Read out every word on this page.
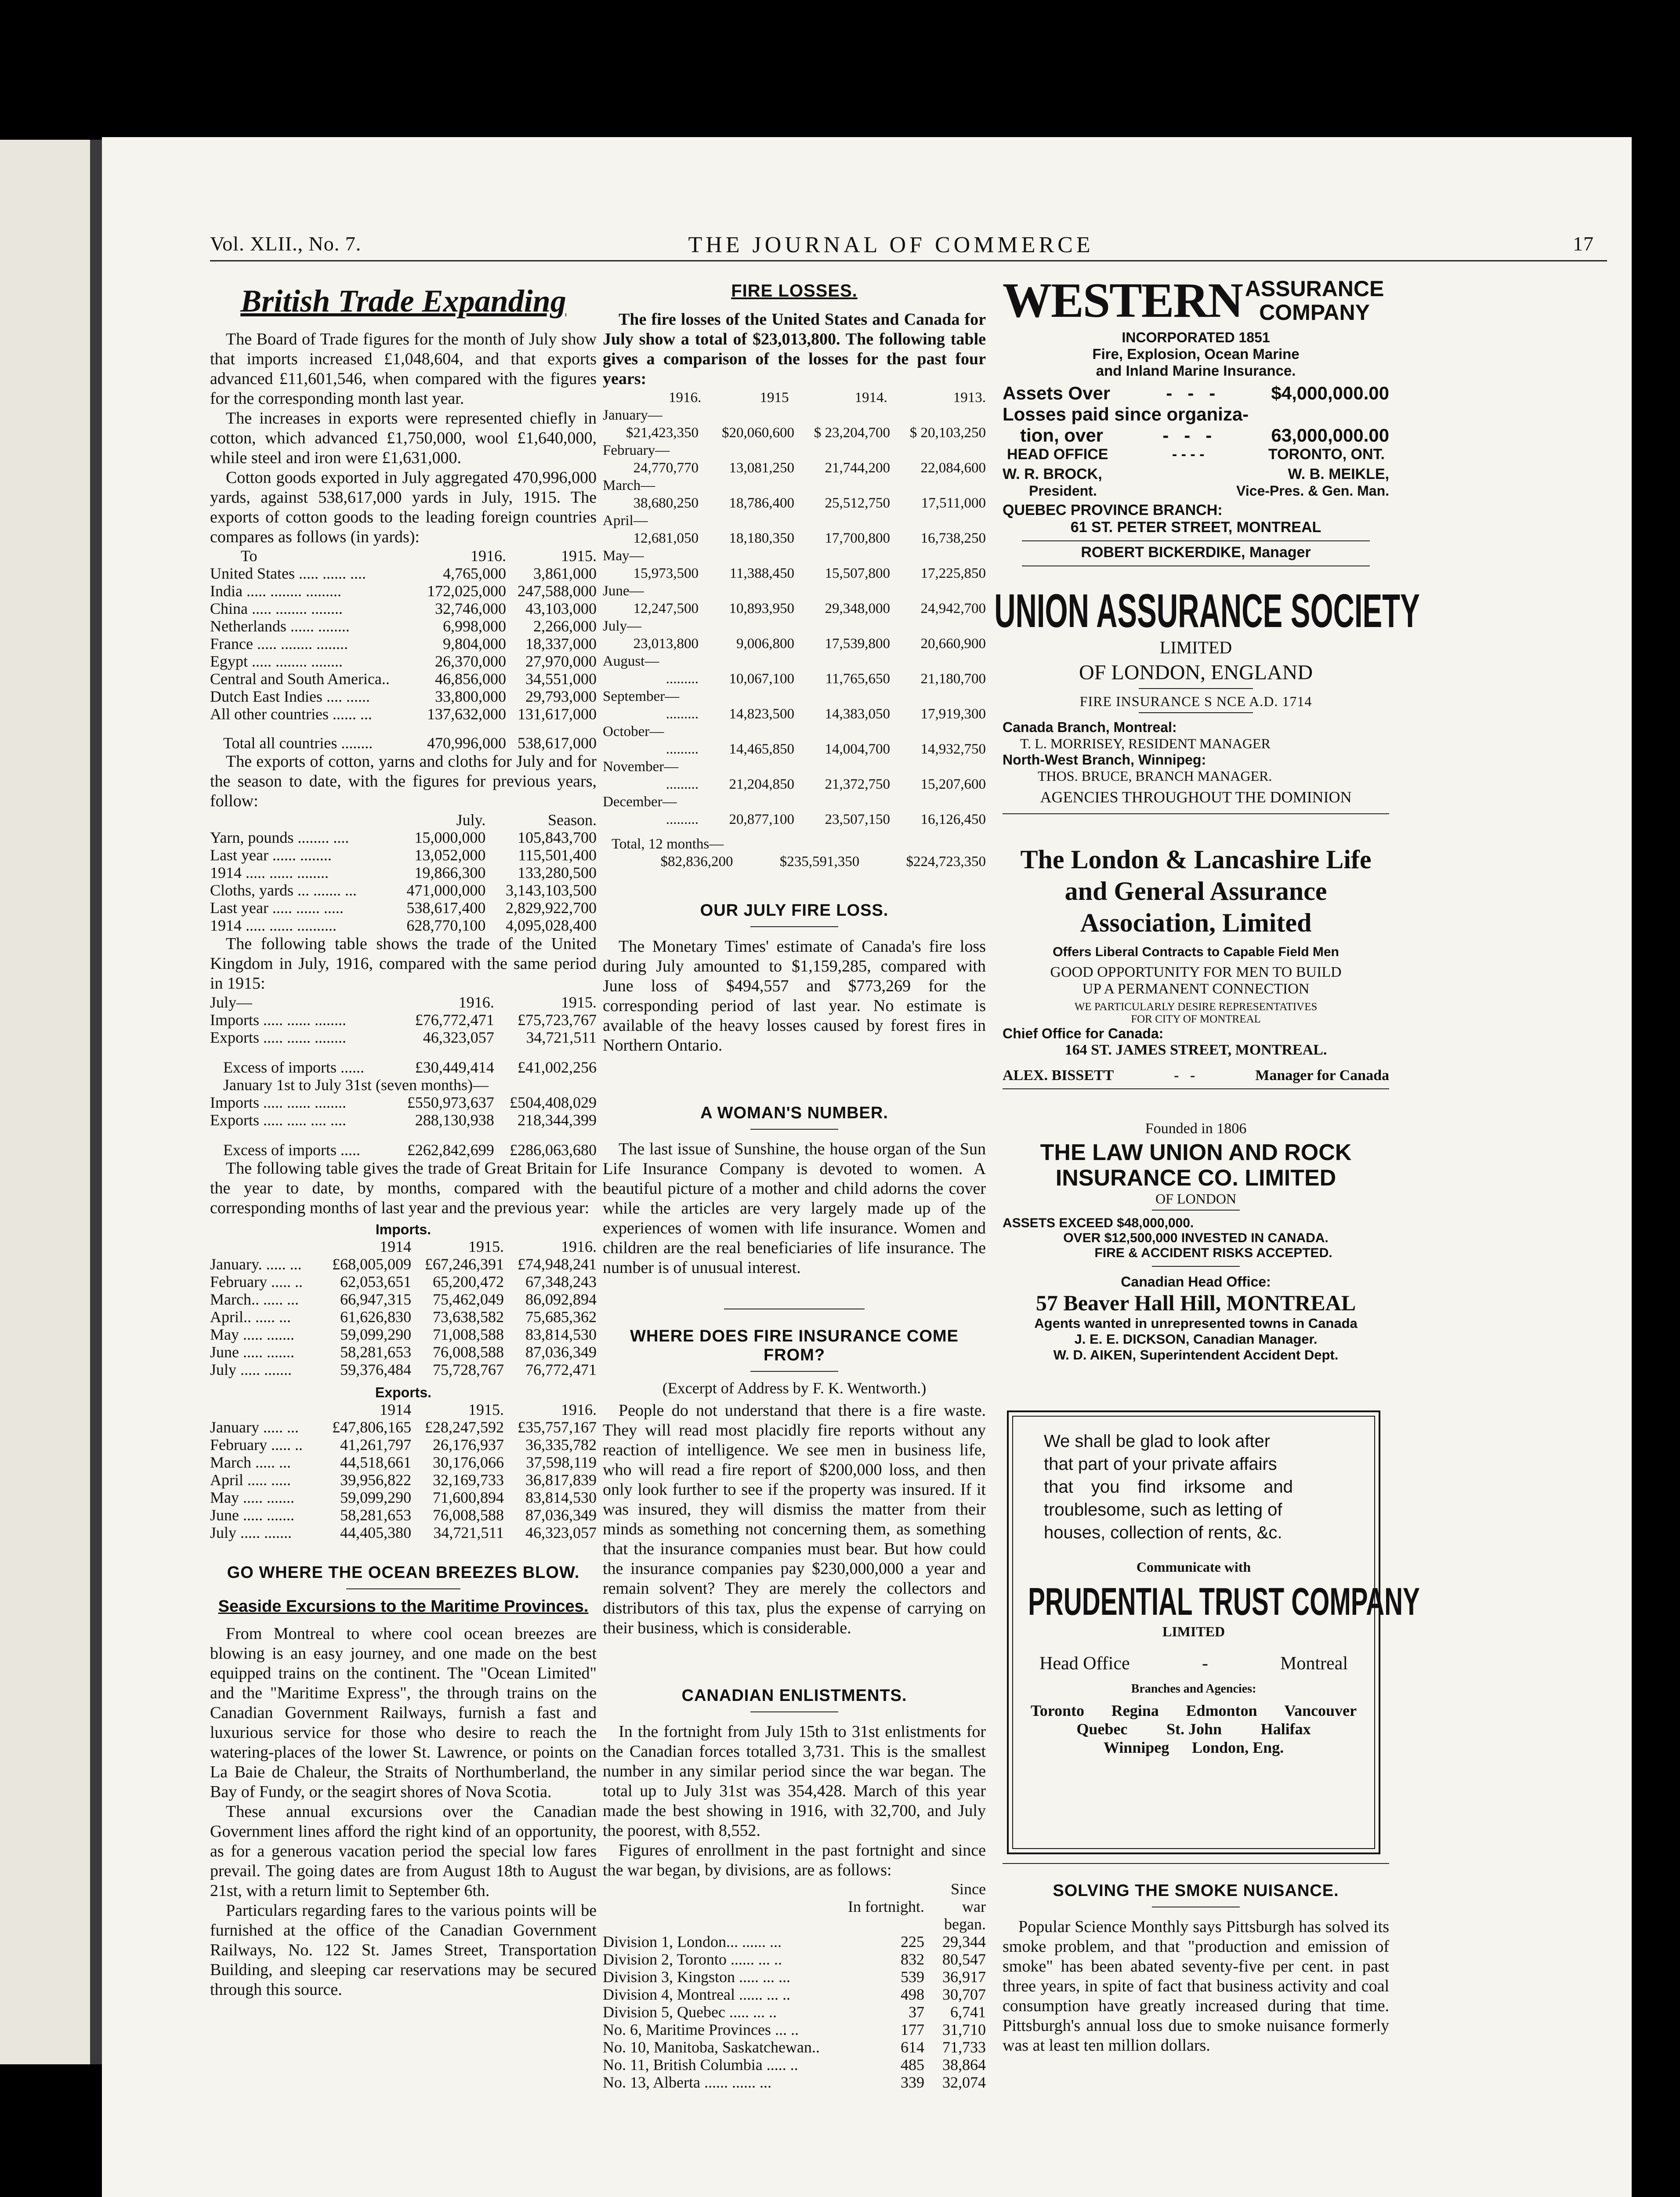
Vol. XLII., No. 7.	THE JOURNAL OF COMMERCE	17
British Trade Expanding

The Board of Trade figures for the month of July show that imports increased £1,048,604, and that exports advanced £11,601,546, when compared with the figures for the corresponding month last year.

The increases in exports were represented chiefly in cotton, which advanced £1,750,000, wool £1,640,000, while steel and iron were £1,631,000.

Cotton goods exported in July aggregated 470,996,000 yards, against 538,617,000 yards in July, 1915. The exports of cotton goods to the leading foreign countries compares as follows (in yards):

To	1916.	1915.
United States ..... ...... ....	4,765,000	3,861,000
India ..... ........ .........	172,025,000	247,588,000
China ..... ........ ........	32,746,000	43,103,000
Netherlands ...... ........	6,998,000	2,266,000
France ..... ........ ........	9,804,000	18,337,000
Egypt ..... ........ ........	26,370,000	27,970,000
Central and South America..	46,856,000	34,551,000
Dutch East Indies .... ......	33,800,000	29,793,000
All other countries ...... ...	137,632,000	131,617,000
Total all countries ........	470,996,000	538,617,000

The exports of cotton, yarns and cloths for July and for the season to date, with the figures for previous years, follow:

	July.	Season.
Yarn, pounds ........ ....	15,000,000	105,843,700
Last year ...... ........	13,052,000	115,501,400
1914 ..... ...... ........	19,866,300	133,280,500
Cloths, yards ... ....... ...	471,000,000	3,143,103,500
Last year ..... ...... .....	538,617,400	2,829,922,700
1914 ..... ...... ..........	628,770,100	4,095,028,400

The following table shows the trade of the United Kingdom in July, 1916, compared with the same period in 1915:

July—	1916.	1915.
Imports ..... ...... ........	£76,772,471	£75,723,767
Exports ..... ...... ........	46,323,057	34,721,511
Excess of imports ......	£30,449,414	£41,002,256
January 1st to July 31st (seven months)—		
Imports ..... ...... ........	£550,973,637	£504,408,029
Exports ..... ..... .... ....	288,130,938	218,344,399
Excess of imports .....	£262,842,699	£286,063,680

The following table gives the trade of Great Britain for the year to date, by months, compared with the corresponding months of last year and the previous year:

Imports.
	1914	1915.	1916.
January. ..... ...	£68,005,009	£67,246,391	£74,948,241
February ..... ..	62,053,651	65,200,472	67,348,243
March.. ..... ...	66,947,315	75,462,049	86,092,894
April.. ..... ...	61,626,830	73,638,582	75,685,362
May ..... .......	59,099,290	71,008,588	83,814,530
June ..... .......	58,281,653	76,008,588	87,036,349
July ..... .......	59,376,484	75,728,767	76,772,471
Exports.
	1914	1915.	1916.
January ..... ...	£47,806,165	£28,247,592	£35,757,167
February ..... ..	41,261,797	26,176,937	36,335,782
March ..... ...	44,518,661	30,176,066	37,598,119
April ..... .....	39,956,822	32,169,733	36,817,839
May ..... .......	59,099,290	71,600,894	83,814,530
June ..... .......	58,281,653	76,008,588	87,036,349
July ..... .......	44,405,380	34,721,511	46,323,057
GO WHERE THE OCEAN BREEZES BLOW.
Seaside Excursions to the Maritime Provinces.

From Montreal to where cool ocean breezes are blowing is an easy journey, and one made on the best equipped trains on the continent. The "Ocean Limited" and the "Maritime Express", the through trains on the Canadian Government Railways, furnish a fast and luxurious service for those who desire to reach the watering-places of the lower St. Lawrence, or points on La Baie de Chaleur, the Straits of Northumberland, the Bay of Fundy, or the seagirt shores of Nova Scotia.

These annual excursions over the Canadian Government lines afford the right kind of an opportunity, as for a generous vacation period the special low fares prevail. The going dates are from August 18th to August 21st, with a return limit to September 6th.

Particulars regarding fares to the various points will be furnished at the office of the Canadian Government Railways, No. 122 St. James Street, Transportation Building, and sleeping car reservations may be secured through this source.

FIRE LOSSES.

The fire losses of the United States and Canada for July show a total of $23,013,800. The following table gives a comparison of the losses for the past four years:

1916.	1915	1914.	1913.
January—
$21,423,350	$20,060,600	$ 23,204,700	$ 20,103,250
February—
24,770,770	13,081,250	21,744,200	22,084,600
March—
38,680,250	18,786,400	25,512,750	17,511,000
April—
12,681,050	18,180,350	17,700,800	16,738,250
May—
15,973,500	11,388,450	15,507,800	17,225,850
June—
12,247,500	10,893,950	29,348,000	24,942,700
July—
23,013,800	9,006,800	17,539,800	20,660,900
August—
.........	10,067,100	11,765,650	21,180,700
September—
.........	14,823,500	14,383,050	17,919,300
October—
.........	14,465,850	14,004,700	14,932,750
November—
.........	21,204,850	21,372,750	15,207,600
December—
.........	20,877,100	23,507,150	16,126,450
Total, 12 months—
$82,836,200	$235,591,350	$224,723,350
OUR JULY FIRE LOSS.

The Monetary Times' estimate of Canada's fire loss during July amounted to $1,159,285, compared with June loss of $494,557 and $773,269 for the corresponding period of last year. No estimate is available of the heavy losses caused by forest fires in Northern Ontario.

A WOMAN'S NUMBER.

The last issue of Sunshine, the house organ of the Sun Life Insurance Company is devoted to women. A beautiful picture of a mother and child adorns the cover while the articles are very largely made up of the experiences of women with life insurance. Women and children are the real beneficiaries of life insurance. The number is of unusual interest.

WHERE DOES FIRE INSURANCE COME FROM?
(Excerpt of Address by F. K. Wentworth.)

People do not understand that there is a fire waste. They will read most placidly fire reports without any reaction of intelligence. We see men in business life, who will read a fire report of $200,000 loss, and then only look further to see if the property was insured. If it was insured, they will dismiss the matter from their minds as something not concerning them, as something that the insurance companies must bear. But how could the insurance companies pay $230,000,000 a year and remain solvent? They are merely the collectors and distributors of this tax, plus the expense of carrying on their business, which is considerable.

CANADIAN ENLISTMENTS.

In the fortnight from July 15th to 31st enlistments for the Canadian forces totalled 3,731. This is the smallest number in any similar period since the war began. The total up to July 31st was 354,428. March of this year made the best showing in 1916, with 32,700, and July the poorest, with 8,552.

Figures of enrollment in the past fortnight and since the war began, by divisions, are as follows:

	In fortnight.	Since war began.
Division 1, London... ...... ...	225	29,344
Division 2, Toronto ...... ... ..	832	80,547
Division 3, Kingston ..... ... ...	539	36,917
Division 4, Montreal ...... ... ..	498	30,707
Division 5, Quebec ..... ... ..	37	6,741
No. 6, Maritime Provinces ... ..	177	31,710
No. 10, Manitoba, Saskatchewan..	614	71,733
No. 11, British Columbia ..... ..	485	38,864
No. 13, Alberta ...... ...... ...	339	32,074
WESTERN ASSURANCE
COMPANY
INCORPORATED 1851
Fire, Explosion, Ocean Marine
and Inland Marine Insurance.
Assets Over	-   -   -	$4,000,000.00
Losses paid since organiza-
tion, over	-   -   -	63,000,000.00
HEAD OFFICE	- - - -	TORONTO, ONT.
W. R. BROCK,	W. B. MEIKLE,
President.	Vice-Pres. & Gen. Man.
QUEBEC PROVINCE BRANCH:
61 ST. PETER STREET, MONTREAL
ROBERT BICKERDIKE, Manager
UNION ASSURANCE SOCIETY
LIMITED
OF LONDON, ENGLAND
FIRE INSURANCE S NCE A.D. 1714
Canada Branch, Montreal:
T. L. MORRISEY, RESIDENT MANAGER
North-West Branch, Winnipeg:
THOS. BRUCE, BRANCH MANAGER.
AGENCIES THROUGHOUT THE DOMINION
The London & Lancashire Life
and General Assurance
Association, Limited
Offers Liberal Contracts to Capable Field Men
GOOD OPPORTUNITY FOR MEN TO BUILD
UP A PERMANENT CONNECTION
WE PARTICULARLY DESIRE REPRESENTATIVES
FOR CITY OF MONTREAL
Chief Office for Canada:
164 ST. JAMES STREET, MONTREAL.
ALEX. BISSETT	-   -	Manager for Canada
Founded in 1806
THE LAW UNION AND ROCK
INSURANCE CO. LIMITED
OF LONDON
ASSETS EXCEED $48,000,000.
OVER $12,500,000 INVESTED IN CANADA.
FIRE & ACCIDENT RISKS ACCEPTED.
Canadian Head Office:
57 Beaver Hall Hill, MONTREAL
Agents wanted in unrepresented towns in Canada
J. E. E. DICKSON, Canadian Manager.
W. D. AIKEN, Superintendent Accident Dept.
We shall be glad to look after
that part of your private affairs
that you find irksome and
troublesome, such as letting of
houses, collection of rents, &c.
Communicate with
PRUDENTIAL TRUST COMPANY
LIMITED
Head Office	-	Montreal
Branches and Agencies:
Toronto Regina Edmonton Vancouver
Quebec St. John Halifax
Winnipeg London, Eng.
SOLVING THE SMOKE NUISANCE.

Popular Science Monthly says Pittsburgh has solved its smoke problem, and that "production and emission of smoke" has been abated seventy-five per cent. in past three years, in spite of fact that business activity and coal consumption have greatly increased during that time. Pittsburgh's annual loss due to smoke nuisance formerly was at least ten million dollars.
